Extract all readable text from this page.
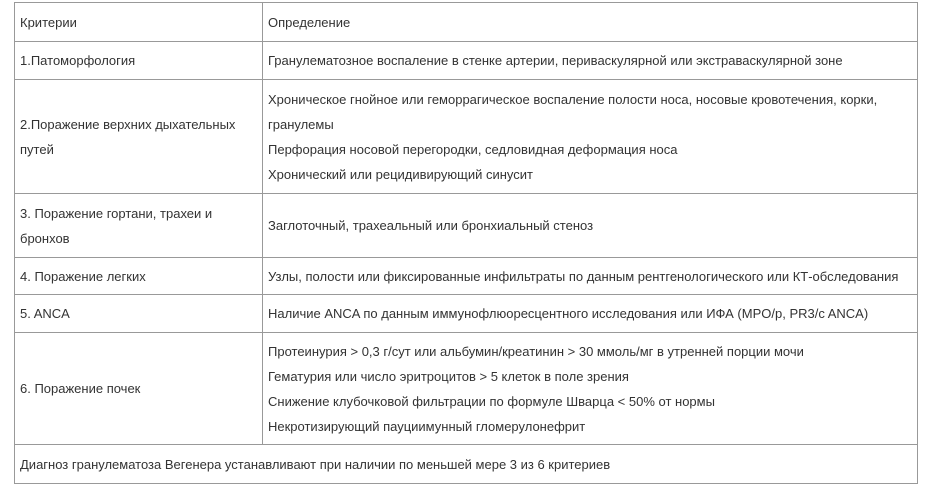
Критерии	Определение

1.Патоморфология	Гранулематозное воспаление в стенке артерии, периваскулярной или экстраваскулярной зоне

2.Поражение верхних дыхательных
путей	Хроническое гнойное или геморрагическое воспаление полости носа, носовые кровотечения, корки,
гранулемы
Перфорация носовой перегородки, седловидная деформация носа
Хронический или рецидивирующий синусит

3. Поражение гортани, трахеи и
бронхов	Заглоточный, трахеальный или бронхиальный стеноз

4. Поражение легких	Узлы, полости или фиксированные инфильтраты по данным рентгенологического или КТ-обследования

5. ANCA	Наличие ANCA по данным иммунофлюоресцентного исследования или ИФА (MPO/p, PR3/c ANCA)

6. Поражение почек	Протеинурия > 0,3 г/сут или альбумин/креатинин > 30 ммоль/мг в утренней порции мочи
Гематурия или число эритроцитов > 5 клеток в поле зрения
Снижение клубочковой фильтрации по формуле Шварца < 50% от нормы
Некротизирующий пауциимунный гломерулонефрит

Диагноз гранулематоза Вегенера устанавливают при наличии по меньшей мере 3 из 6 критериев	
